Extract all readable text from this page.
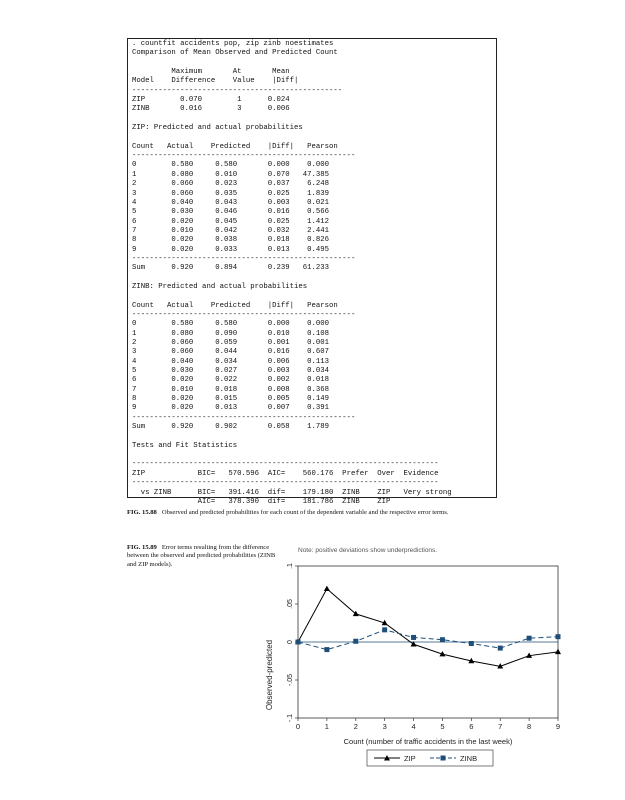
. countfit accidents pop, zip zinb noestimates
Comparison of Mean Observed and Predicted Count
Maximum       At       Mean
Model    Difference    Value    |Diff|
------------------------------------------------
ZIP        0.070        1      0.024
ZINB       0.016        3      0.006
ZIP: Predicted and actual probabilities
Count   Actual    Predicted    |Diff|   Pearson
---------------------------------------------------
0        0.580     0.580       0.000    0.000
1        0.080     0.010       0.070   47.385
2        0.060     0.023       0.037    6.248
3        0.060     0.035       0.025    1.839
4        0.040     0.043       0.003    0.021
5        0.030     0.046       0.016    0.566
6        0.020     0.045       0.025    1.412
7        0.010     0.042       0.032    2.441
8        0.020     0.038       0.018    0.826
9        0.020     0.033       0.013    0.495
---------------------------------------------------
Sum      0.920     0.894       0.239   61.233
ZINB: Predicted and actual probabilities
Count   Actual    Predicted    |Diff|   Pearson
---------------------------------------------------
0        0.580     0.580       0.000    0.000
1        0.080     0.090       0.010    0.108
2        0.060     0.059       0.001    0.001
3        0.060     0.044       0.016    0.607
4        0.040     0.034       0.006    0.113
5        0.030     0.027       0.003    0.034
6        0.020     0.022       0.002    0.018
7        0.010     0.018       0.008    0.368
8        0.020     0.015       0.005    0.149
9        0.020     0.013       0.007    0.391
---------------------------------------------------
Sum      0.920     0.902       0.058    1.789
Tests and Fit Statistics
----------------------------------------------------------------------
ZIP            BIC=   570.596  AIC=    560.176  Prefer  Over  Evidence
----------------------------------------------------------------------
vs ZINB      BIC=   391.416  dif=    179.180  ZINB    ZIP   Very strong
AIC=   378.390  dif=    181.786  ZINB    ZIP
FIG. 15.88 Observed and predicted probabilities for each count of the dependent variable and the respective error terms.
FIG. 15.89 Error terms resulting from the difference between the observed and predicted probabilities (ZINB and ZIP models).
Note: positive deviations show underpredictions.
Observed-predicted
-.1
-.05
0
.05
.1
0	1	2	3	4	5	6	7	8	9
Count (number of traffic accidents in the last week)
ZIP	ZINB
